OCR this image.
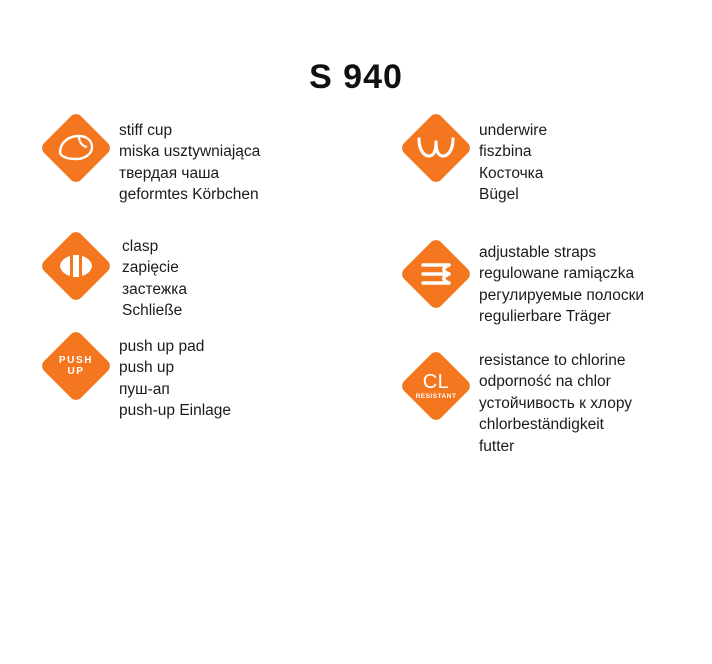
S 940
stiff cup
miska usztywniająca
твердая чаша
geformtes Körbchen
clasp
zapięcie
застежка
Schließe
PUSH
UP
push up pad
push up
пуш-ап
push-up Einlage
underwire
fiszbina
Косточка
Bügel
adjustable straps
regulowane ramiączka
регулируемые полоски
regulierbare Träger
CL
RESISTANT
resistance to chlorine
odporność na chlor
устойчивость к хлору
chlorbeständigkeit
futter
